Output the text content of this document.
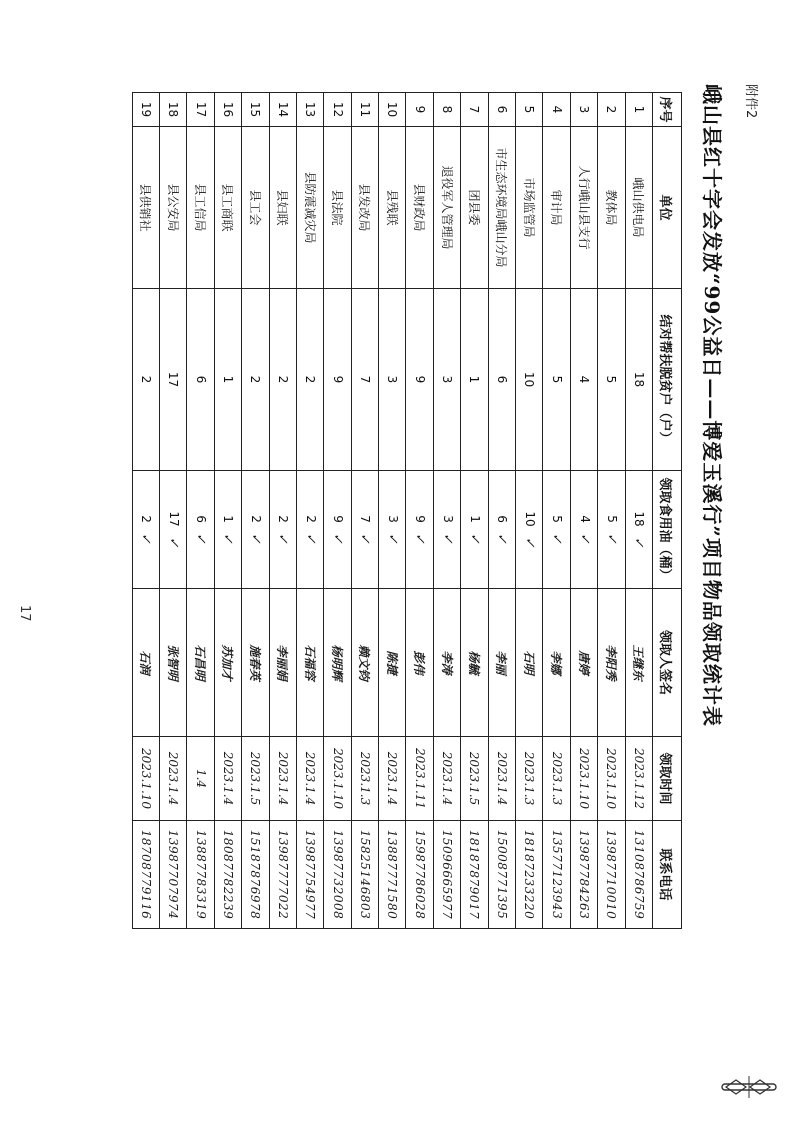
附件2
峨山县红十字会发放“99公益日——博爱玉溪行”项目物品领取统计表
序号	单位	结对帮扶脱贫户（户）	领取食用油（桶）	领取人签名	领取时间	联系电话
1	峨山供电局	18	18✓	王继东	2023.1.12	13108786759
2	教体局	5	5✓	李阳秀	2023.1.10	13987710010
3	人行峨山县支行	4	4✓	唐婷	2023.1.10	13987784263
4	审计局	5	5✓	李娜	2023.1.3	13577123943
5	市场监管局	10	10✓	石明	2023.1.3	18187233220
6	市生态环境局峨山分局	6	6✓	李丽	2023.1.4	15008771395
7	团县委	1	1✓	杨毓	2023.1.5	18187879017
8	退役军人管理局	3	3✓	李涛	2023.1.4	15096665977
9	县财政局	9	9✓	彭伟	2023.1.11	15987786028
10	县残联	3	3✓	陈捷	2023.1.4	13887771580
11	县发改局	7	7✓	赖文钧	2023.1.3	15825146803
12	县法院	9	9✓	杨明辉	2023.1.10	13987732008
13	县防震减灾局	2	2✓	石福容	2023.1.4	13987754977
14	县妇联	2	2✓	李丽娟	2023.1.4	13987777022
15	县工会	2	2✓	施春英	2023.1.5	15187876978
16	县工商联	1	1✓	苏加才	2023.1.4	18087782239
17	县工信局	6	6✓	石昌明	1.4	13887783319
18	县公安局	17	17✓	张智明	2023.1.4	13987707974
19	县供销社	2	2✓	石润	2023.1.10	18708779116
17
